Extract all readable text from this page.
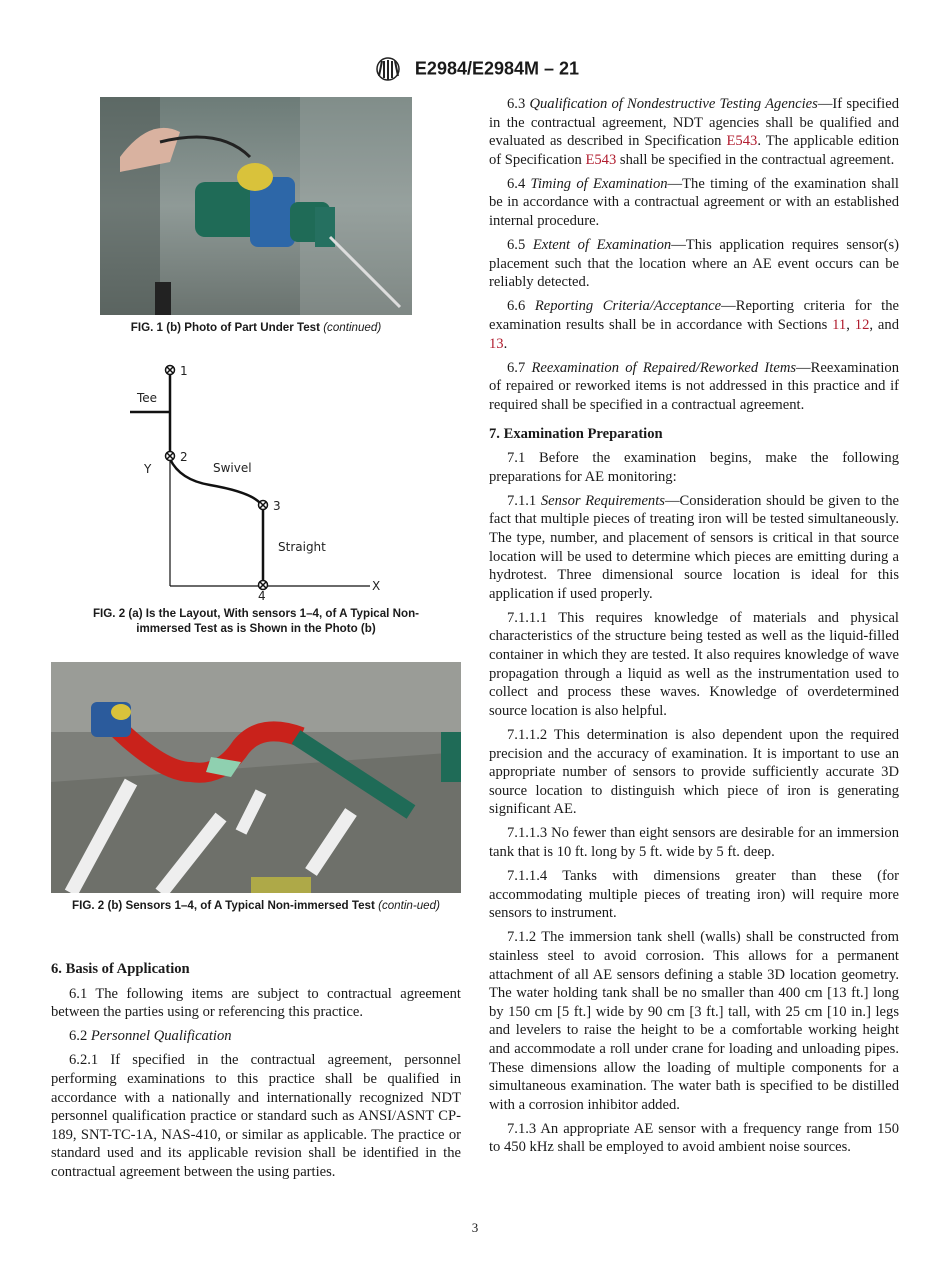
E2984/E2984M – 21
FIG. 1 (b) Photo of Part Under Test (continued)
1
2
3
4
Tee
Swivel
Straight
Y
X
FIG. 2 (a) Is the Layout, With sensors 1–4, of A Typical Non-
immersed Test as is Shown in the Photo (b)
FIG. 2 (b) Sensors 1–4, of A Typical Non-immersed Test (contin-ued)
6. Basis of Application

6.1 The following items are subject to contractual agreement between the parties using or referencing this practice.

6.2 Personnel Qualification

6.2.1 If specified in the contractual agreement, personnel performing examinations to this practice shall be qualified in accordance with a nationally and internationally recognized NDT personnel qualification practice or standard such as ANSI/ASNT CP-189, SNT-TC-1A, NAS-410, or similar as applicable. The practice or standard used and its applicable revision shall be identified in the contractual agreement between the using parties.

6.3 Qualification of Nondestructive Testing Agencies—If specified in the contractual agreement, NDT agencies shall be qualified and evaluated as described in Specification E543. The applicable edition of Specification E543 shall be specified in the contractual agreement.

6.4 Timing of Examination—The timing of the examination shall be in accordance with a contractual agreement or with an established internal procedure.

6.5 Extent of Examination—This application requires sensor(s) placement such that the location where an AE event occurs can be reliably detected.

6.6 Reporting Criteria/Acceptance—Reporting criteria for the examination results shall be in accordance with Sections 11, 12, and 13.

6.7 Reexamination of Repaired/Reworked Items—Reexamination of repaired or reworked items is not addressed in this practice and if required shall be specified in a contractual agreement.

7. Examination Preparation

7.1 Before the examination begins, make the following preparations for AE monitoring:

7.1.1 Sensor Requirements—Consideration should be given to the fact that multiple pieces of treating iron will be tested simultaneously. The type, number, and placement of sensors is critical in that source location will be used to determine which pieces are emitting during a hydrotest. Three dimensional source location is ideal for this application if used properly.

7.1.1.1 This requires knowledge of materials and physical characteristics of the structure being tested as well as the liquid-filled container in which they are tested. It also requires knowledge of wave propagation through a liquid as well as the instrumentation used to collect and process these waves. Knowledge of overdetermined source location is also helpful.

7.1.1.2 This determination is also dependent upon the required precision and the accuracy of examination. It is important to use an appropriate number of sensors to provide sufficiently accurate 3D source location to distinguish which piece of iron is generating significant AE.

7.1.1.3 No fewer than eight sensors are desirable for an immersion tank that is 10 ft. long by 5 ft. wide by 5 ft. deep.

7.1.1.4 Tanks with dimensions greater than these (for accommodating multiple pieces of treating iron) will require more sensors to instrument.

7.1.2 The immersion tank shell (walls) shall be constructed from stainless steel to avoid corrosion. This allows for a permanent attachment of all AE sensors defining a stable 3D location geometry. The water holding tank shall be no smaller than 400 cm [13 ft.] long by 150 cm [5 ft.] wide by 90 cm [3 ft.] tall, with 25 cm [10 in.] legs and levelers to raise the height to be a comfortable working height and accommodate a roll under crane for loading and unloading pipes. These dimensions allow the loading of multiple components for a simultaneous examination. The water bath is specified to be distilled with a corrosion inhibitor added.

7.1.3 An appropriate AE sensor with a frequency range from 150 to 450 kHz shall be employed to avoid ambient noise sources.

3
